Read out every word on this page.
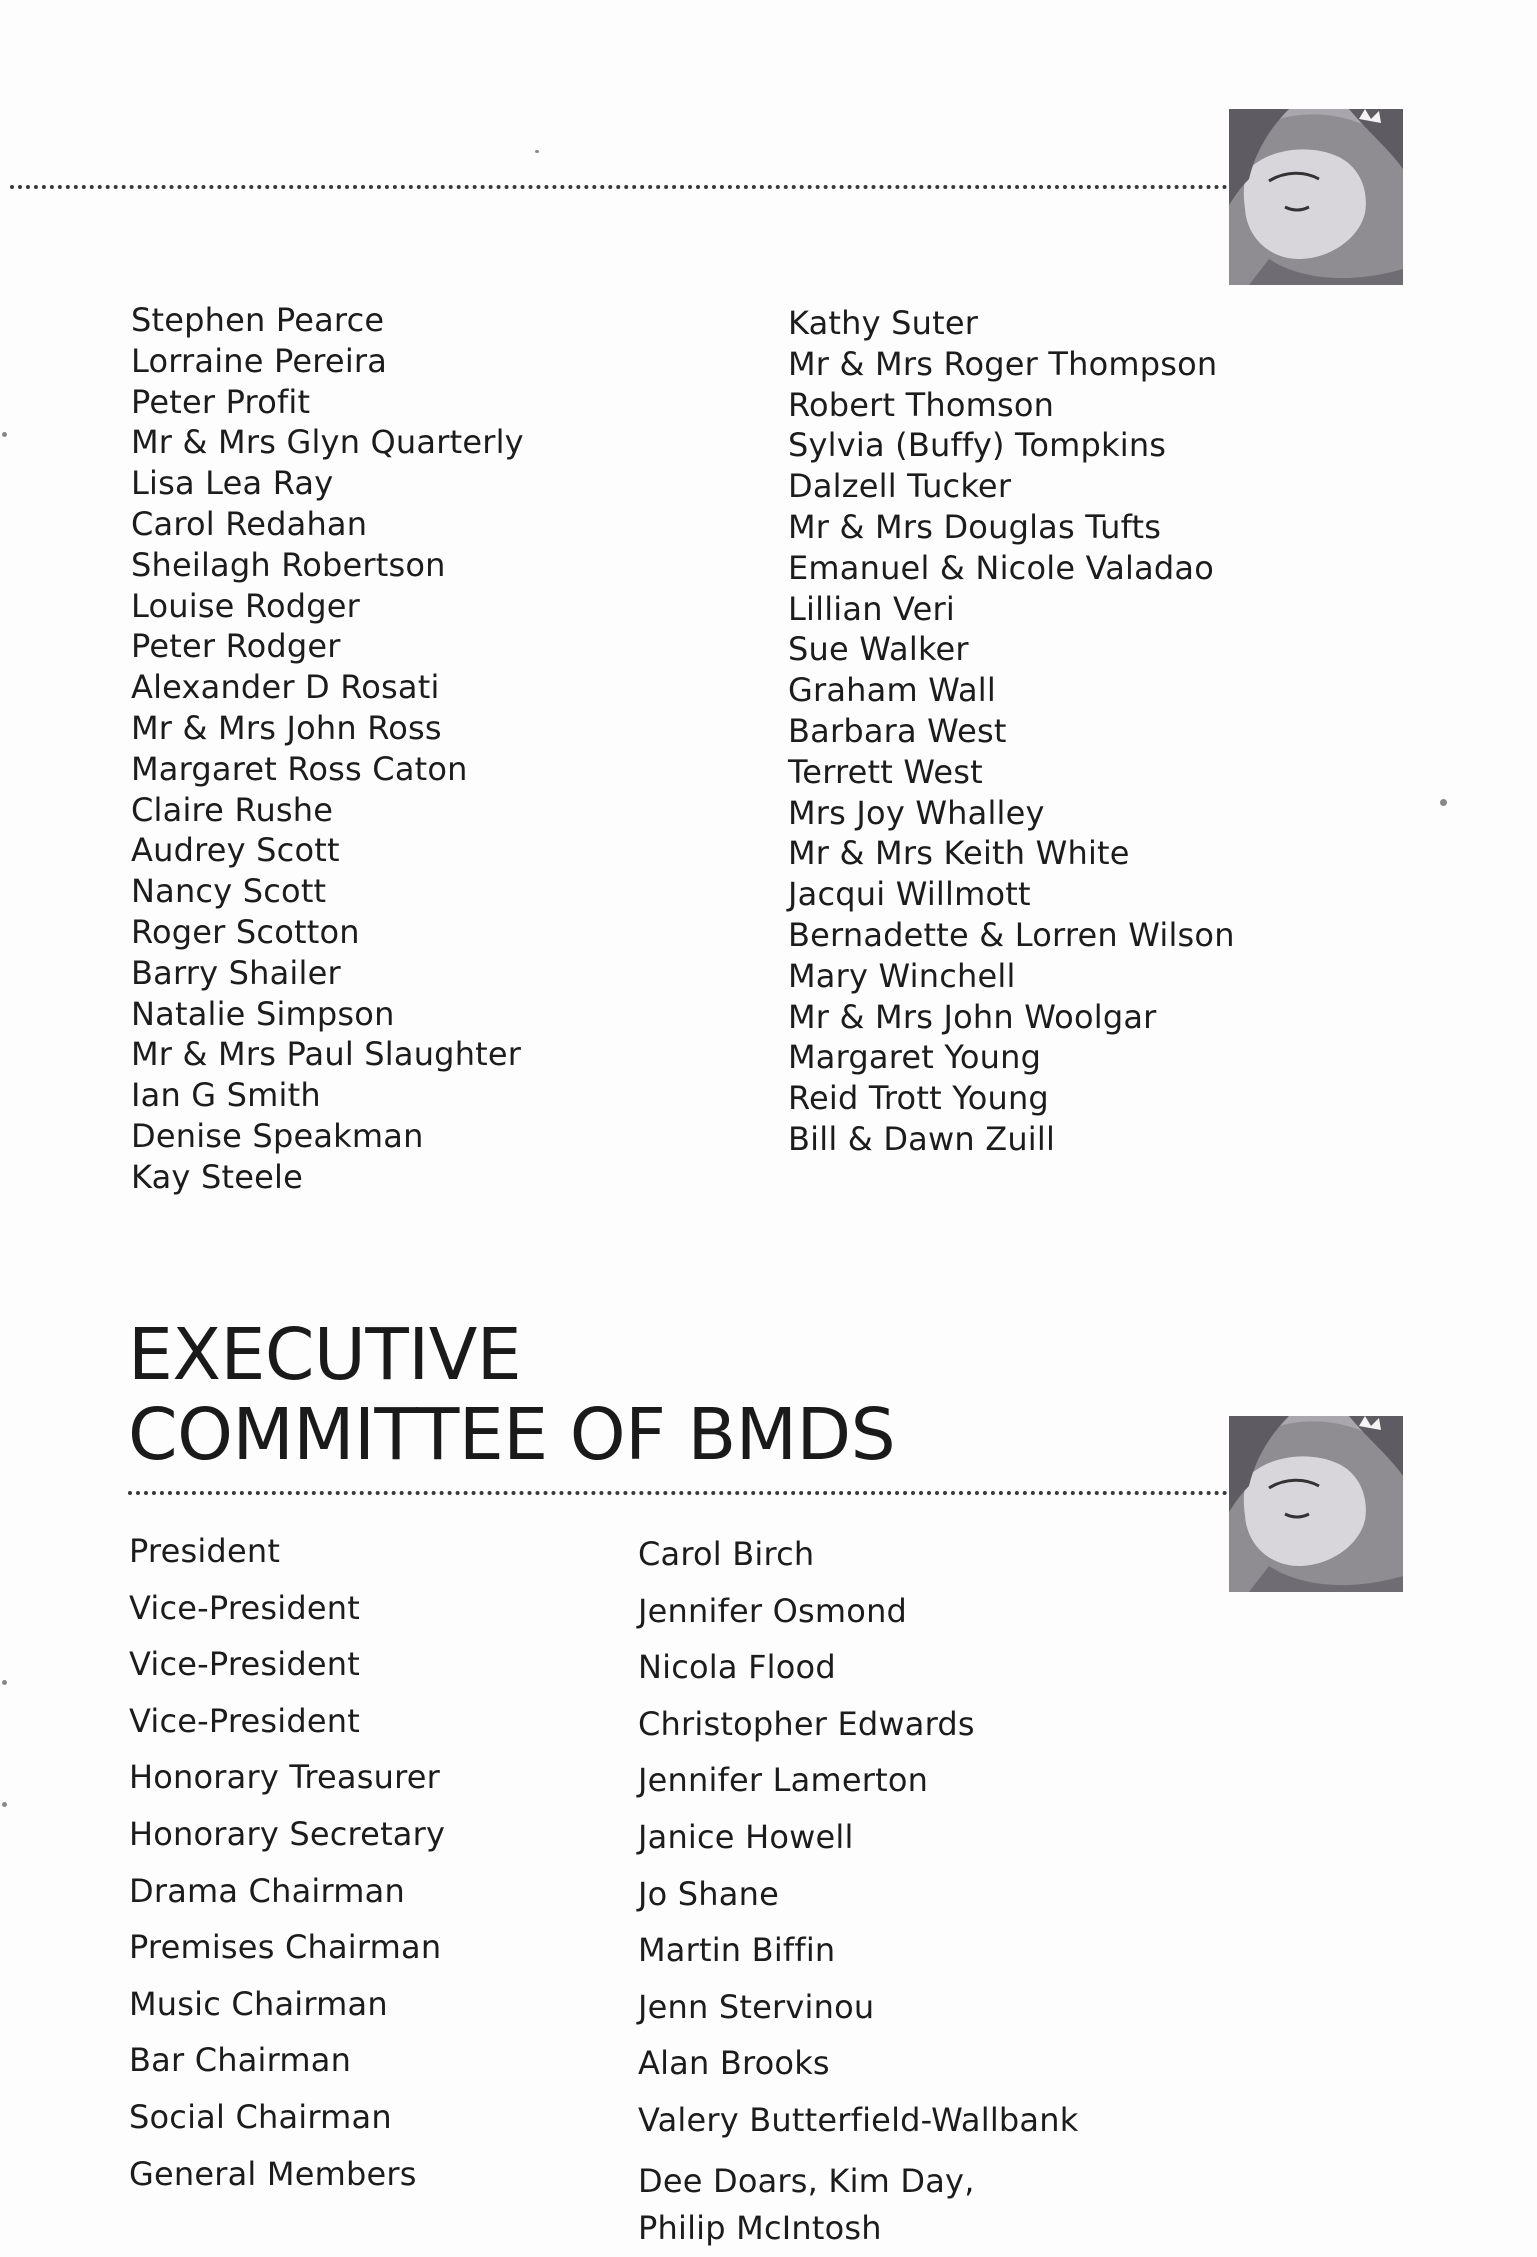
Stephen Pearce
Lorraine Pereira
Peter Profit
Mr & Mrs Glyn Quarterly
Lisa Lea Ray
Carol Redahan
Sheilagh Robertson
Louise Rodger
Peter Rodger
Alexander D Rosati
Mr & Mrs John Ross
Margaret Ross Caton
Claire Rushe
Audrey Scott
Nancy Scott
Roger Scotton
Barry Shailer
Natalie Simpson
Mr & Mrs Paul Slaughter
Ian G Smith
Denise Speakman
Kay Steele
Kathy Suter
Mr & Mrs Roger Thompson
Robert Thomson
Sylvia (Buffy) Tompkins
Dalzell Tucker
Mr & Mrs Douglas Tufts
Emanuel & Nicole Valadao
Lillian Veri
Sue Walker
Graham Wall
Barbara West
Terrett West
Mrs Joy Whalley
Mr & Mrs Keith White
Jacqui Willmott
Bernadette & Lorren Wilson
Mary Winchell
Mr & Mrs John Woolgar
Margaret Young
Reid Trott Young
Bill & Dawn Zuill
EXECUTIVE
COMMITTEE OF BMDS
President
Vice-President
Vice-President
Vice-President
Honorary Treasurer
Honorary Secretary
Drama Chairman
Premises Chairman
Music Chairman
Bar Chairman
Social Chairman
General Members
Carol Birch
Jennifer Osmond
Nicola Flood
Christopher Edwards
Jennifer Lamerton
Janice Howell
Jo Shane
Martin Biffin
Jenn Stervinou
Alan Brooks
Valery Butterfield-Wallbank
Dee Doars, Kim Day,
Philip McIntosh
